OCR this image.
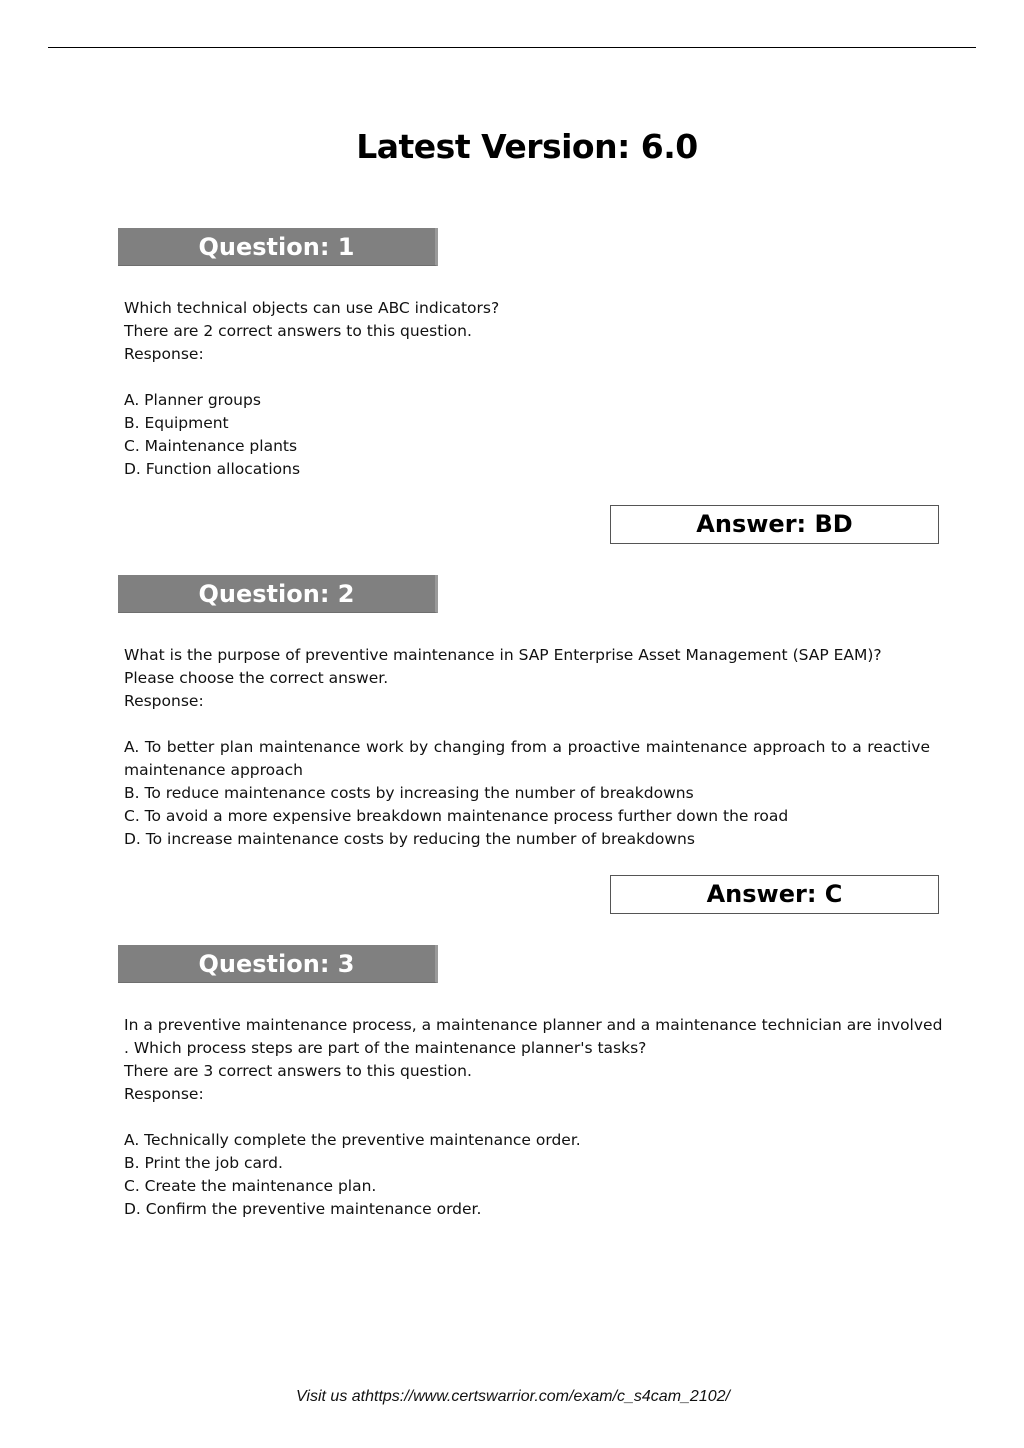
Latest Version: 6.0
Question: 1
Which technical objects can use ABC indicators?
There are 2 correct answers to this question.
Response:
A. Planner groups
B. Equipment
C. Maintenance plants
D. Function allocations
Answer: BD
Question: 2
What is the purpose of preventive maintenance in SAP Enterprise Asset Management (SAP EAM)?
Please choose the correct answer.
Response:
A. To better plan maintenance work by changing from a proactive maintenance approach to a reactive maintenance approach
B. To reduce maintenance costs by increasing the number of breakdowns
C. To avoid a more expensive breakdown maintenance process further down the road
D. To increase maintenance costs by reducing the number of breakdowns
Answer: C
Question: 3
In a preventive maintenance process, a maintenance planner and a maintenance technician are involved
. Which process steps are part of the maintenance planner's tasks?
There are 3 correct answers to this question.
Response:
A. Technically complete the preventive maintenance order.
B. Print the job card.
C. Create the maintenance plan.
D. Confirm the preventive maintenance order.
Visit us athttps://www.certswarrior.com/exam/c_s4cam_2102/
